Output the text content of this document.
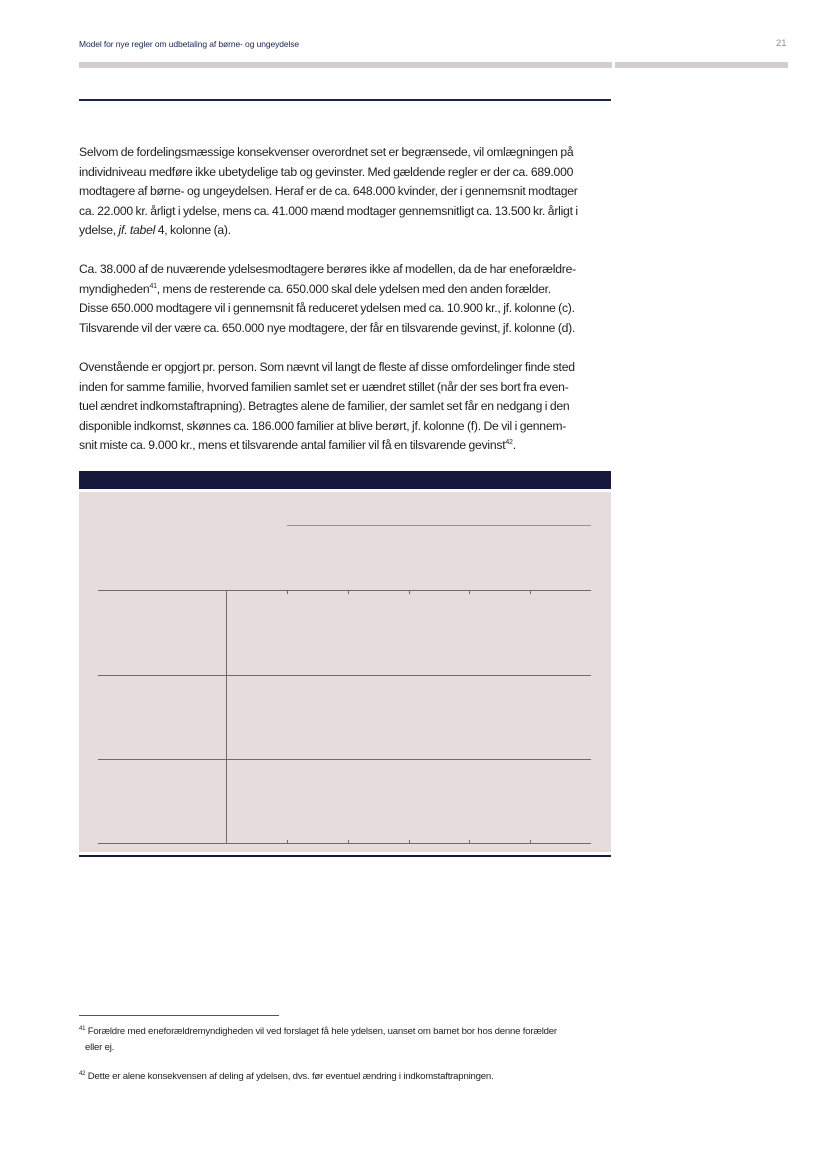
Model for nye regler om udbetaling af børne- og ungeydelse	21

Selvom de fordelingsmæssige konsekvenser overordnet set er begrænsede, vil omlægningen på
individniveau medføre ikke ubetydelige tab og gevinster. Med gældende regler er der ca. 689.000
modtagere af børne- og ungeydelsen. Heraf er de ca. 648.000 kvinder, der i gennemsnit modtager
ca. 22.000 kr. årligt i ydelse, mens ca. 41.000 mænd modtager gennemsnitligt ca. 13.500 kr. årligt i
ydelse, jf. tabel 4, kolonne (a).

Ca. 38.000 af de nuværende ydelsesmodtagere berøres ikke af modellen, da de har eneforældre-
myndigheden$^{41}$, mens de resterende ca. 650.000 skal dele ydelsen med den anden forælder.
Disse 650.000 modtagere vil i gennemsnit få reduceret ydelsen med ca. 10.900 kr., jf. kolonne (c).
Tilsvarende vil der være ca. 650.000 nye modtagere, der får en tilsvarende gevinst, jf. kolonne (d).

Ovenstående er opgjort pr. person. Som nævnt vil langt de fleste af disse omfordelinger finde sted
inden for samme familie, hvorved familien samlet set er uændret stillet (når der ses bort fra even-
tuel ændret indkomstaftrapning). Betragtes alene de familier, der samlet set får en nedgang i den
disponible indkomst, skønnes ca. 186.000 familier at blive berørt, jf. kolonne (f). De vil i gennem-
snit miste ca. 9.000 kr., mens et tilsvarende antal familier vil få en tilsvarende gevinst$^{42}$.

$^{41}$ Forældre med eneforældremyndigheden vil ved forslaget få hele ydelsen, uanset om barnet bor hos denne forælder
eller ej.
$^{42}$ Dette er alene konsekvensen af deling af ydelsen, dvs. før eventuel ændring i indkomstaftrapningen.
